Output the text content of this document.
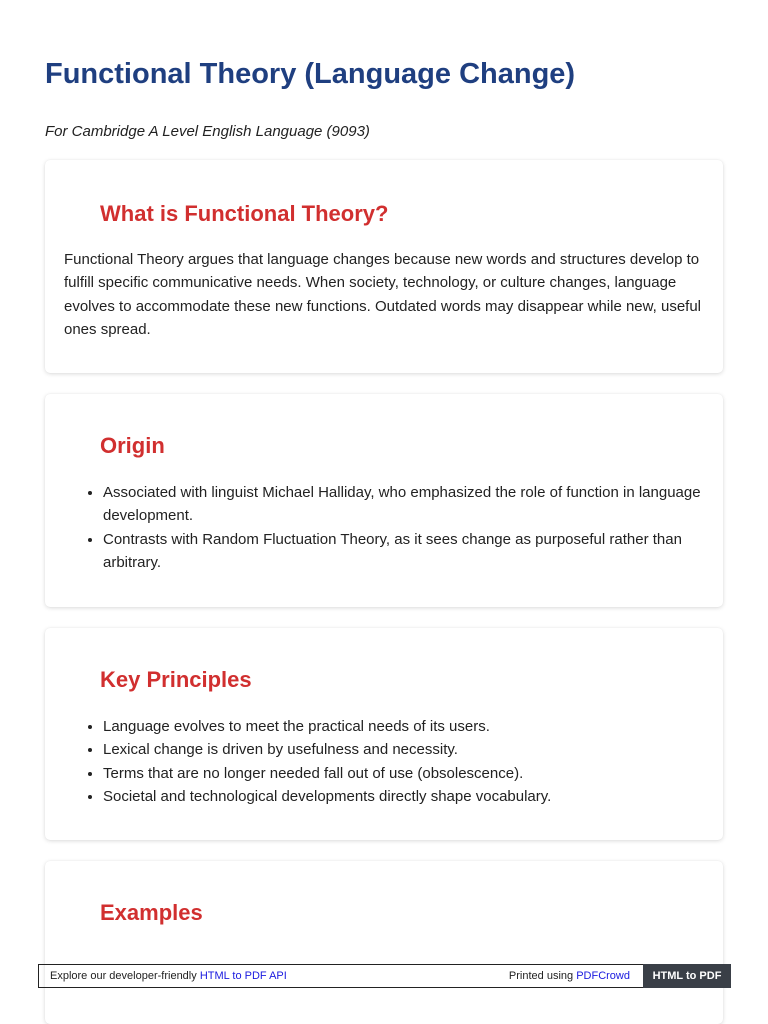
Functional Theory (Language Change)
For Cambridge A Level English Language (9093)
What is Functional Theory?

Functional Theory argues that language changes because new words and structures develop to fulfill specific communicative needs. When society, technology, or culture changes, language evolves to accommodate these new functions. Outdated words may disappear while new, useful ones spread.

Origin
• Associated with linguist Michael Halliday, who emphasized the role of function in language development.
• Contrasts with Random Fluctuation Theory, as it sees change as purposeful rather than arbitrary.
Key Principles
• Language evolves to meet the practical needs of its users.
• Lexical change is driven by usefulness and necessity.
• Terms that are no longer needed fall out of use (obsolescence).
• Societal and technological developments directly shape vocabulary.
Examples
Explore our developer-friendly HTML to PDF API	Printed using PDFCrowd	HTML to PDF
